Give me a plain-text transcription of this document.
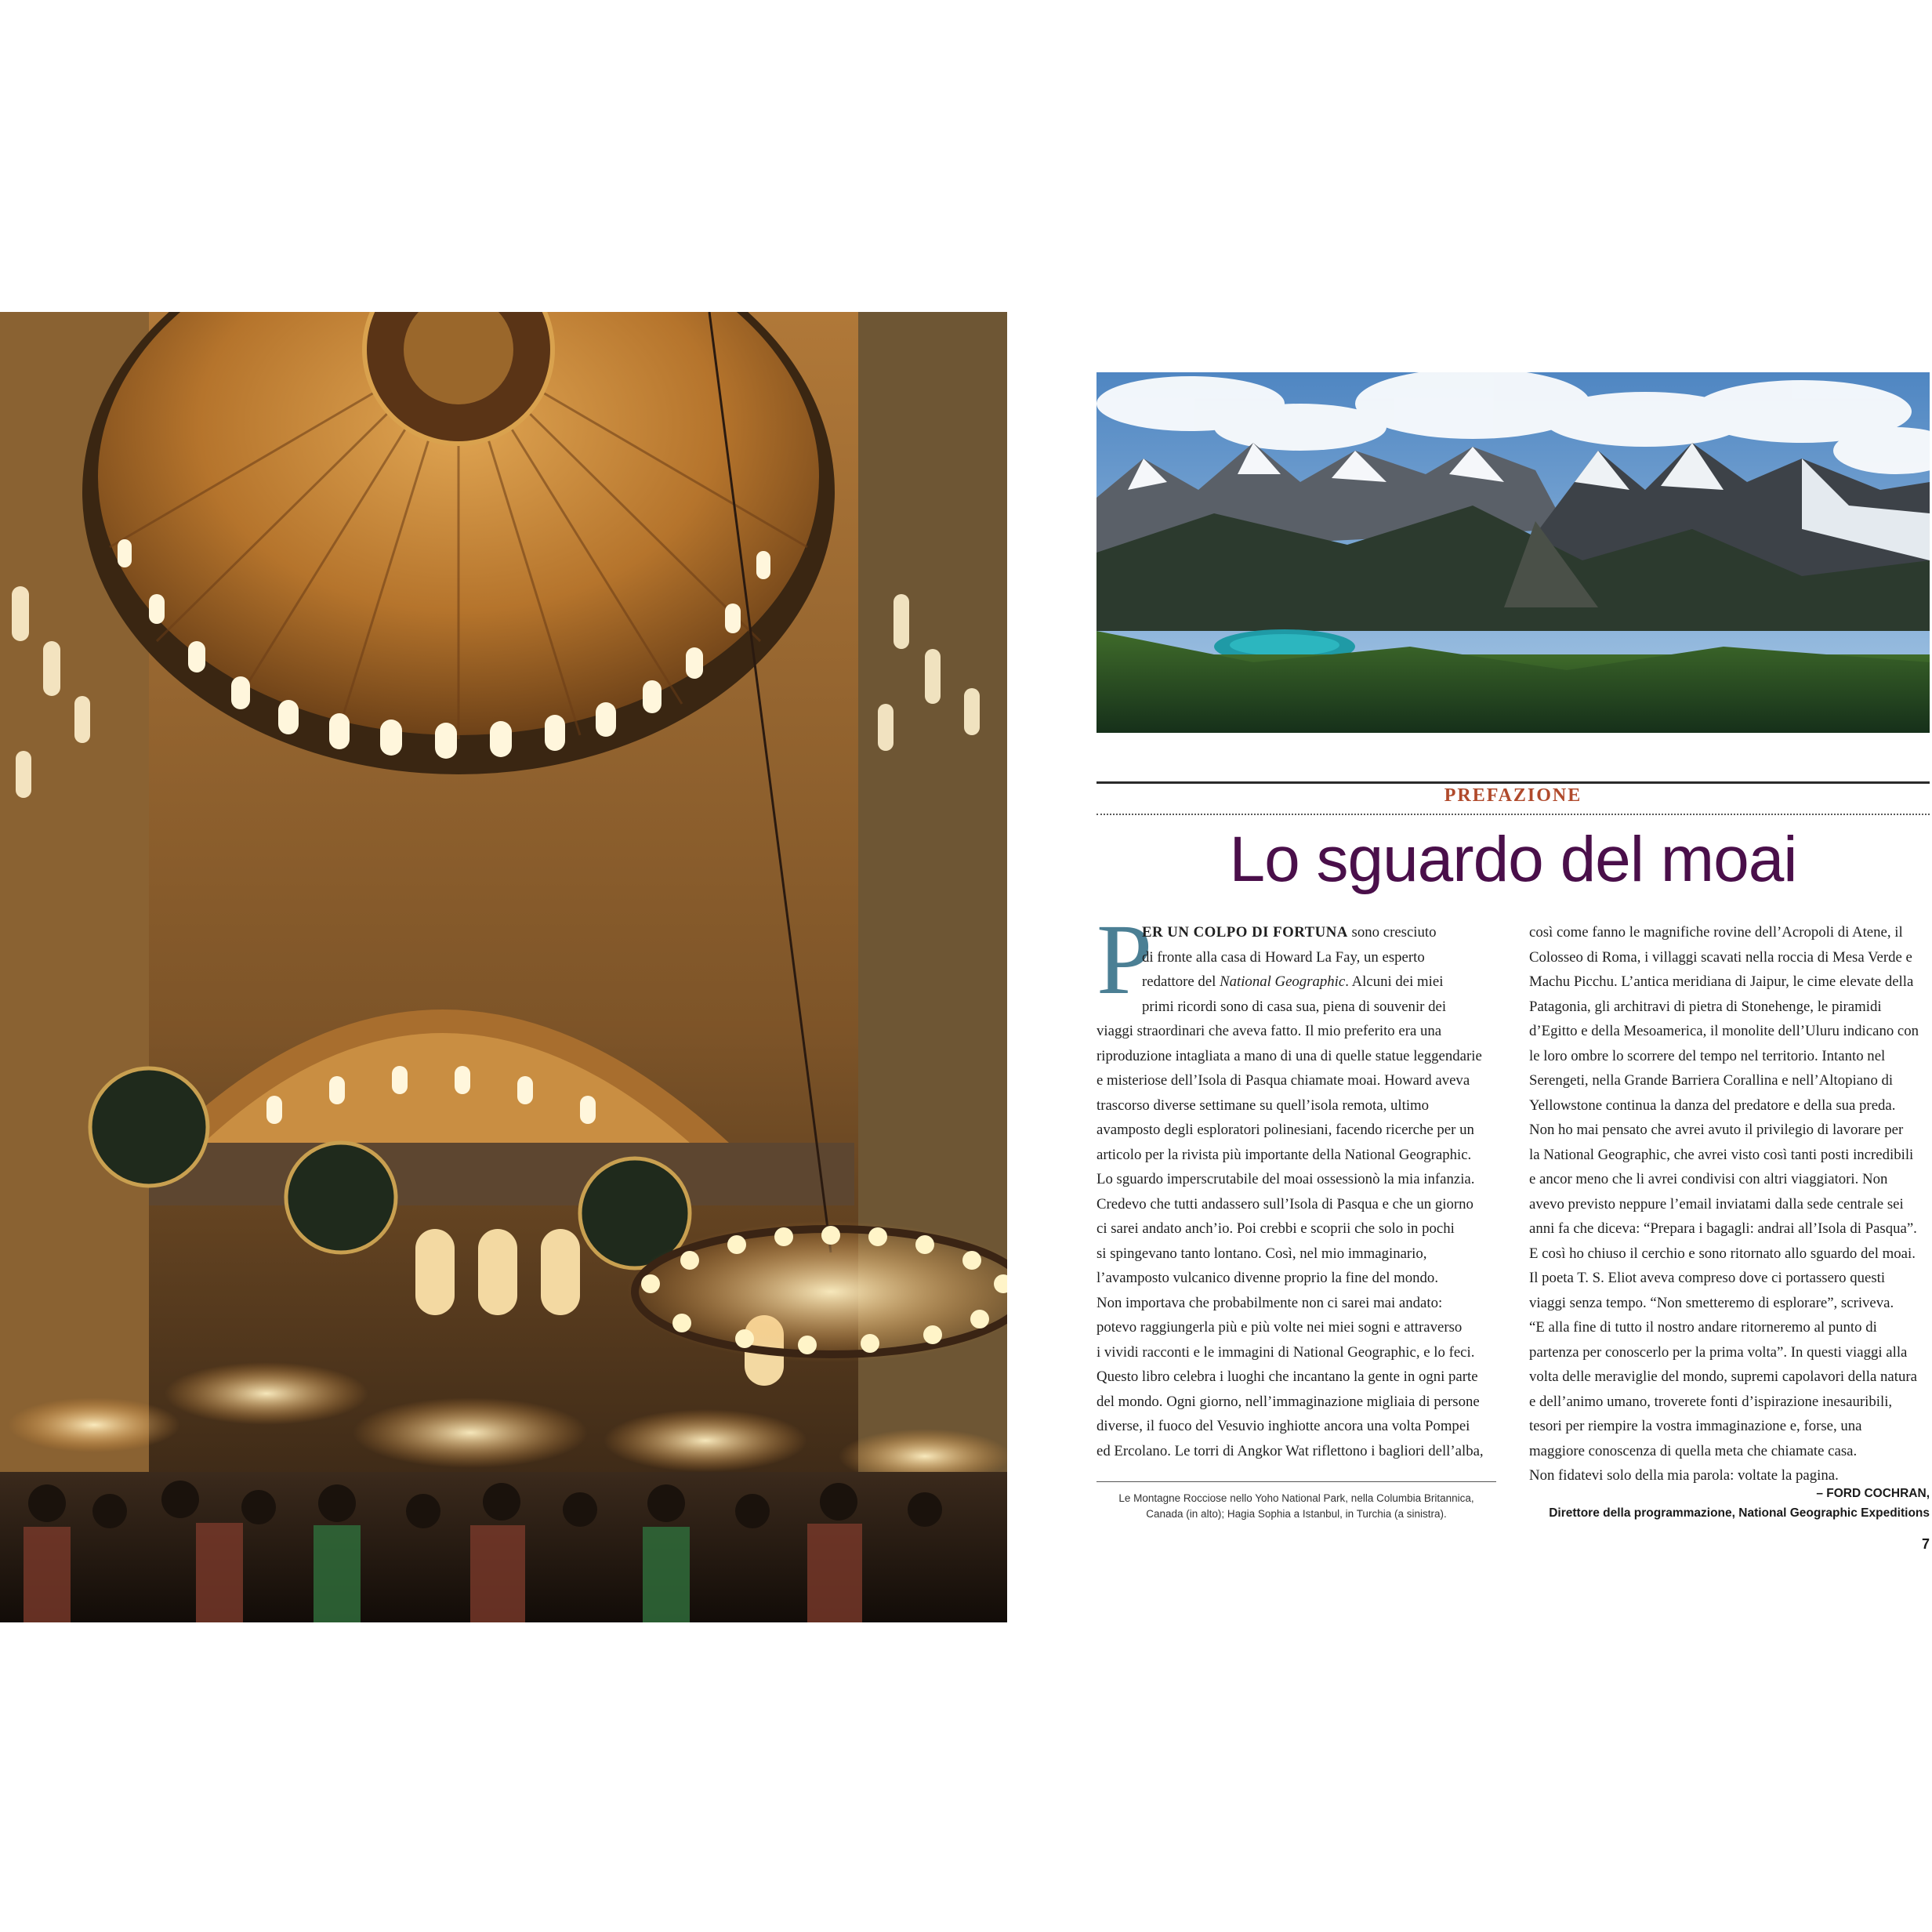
PREFAZIONE
Lo sguardo del moai
P
ER UN COLPO DI FORTUNA sono cresciuto
di fronte alla casa di Howard La Fay, un esperto
redattore del National Geographic. Alcuni dei miei
primi ricordi sono di casa sua, piena di souvenir dei
viaggi straordinari che aveva fatto. Il mio preferito era una
riproduzione intagliata a mano di una di quelle statue leggendarie
e misteriose dell’Isola di Pasqua chiamate moai. Howard aveva
trascorso diverse settimane su quell’isola remota, ultimo
avamposto degli esploratori polinesiani, facendo ricerche per un
articolo per la rivista più importante della National Geographic.
Lo sguardo imperscrutabile del moai ossessionò la mia infanzia.
Credevo che tutti andassero sull’Isola di Pasqua e che un giorno
ci sarei andato anch’io. Poi crebbi e scoprii che solo in pochi
si spingevano tanto lontano. Così, nel mio immaginario,
l’avamposto vulcanico divenne proprio la fine del mondo.
Non importava che probabilmente non ci sarei mai andato:
potevo raggiungerla più e più volte nei miei sogni e attraverso
i vividi racconti e le immagini di National Geographic, e lo feci.
Questo libro celebra i luoghi che incantano la gente in ogni parte
del mondo. Ogni giorno, nell’immaginazione migliaia di persone
diverse, il fuoco del Vesuvio inghiotte ancora una volta Pompei
ed Ercolano. Le torri di Angkor Wat riflettono i bagliori dell’alba,
così come fanno le magnifiche rovine dell’Acropoli di Atene, il
Colosseo di Roma, i villaggi scavati nella roccia di Mesa Verde e
Machu Picchu. L’antica meridiana di Jaipur, le cime elevate della
Patagonia, gli architravi di pietra di Stonehenge, le piramidi
d’Egitto e della Mesoamerica, il monolite dell’Uluru indicano con
le loro ombre lo scorrere del tempo nel territorio. Intanto nel
Serengeti, nella Grande Barriera Corallina e nell’Altopiano di
Yellowstone continua la danza del predatore e della sua preda.
Non ho mai pensato che avrei avuto il privilegio di lavorare per
la National Geographic, che avrei visto così tanti posti incredibili
e ancor meno che li avrei condivisi con altri viaggiatori. Non
avevo previsto neppure l’email inviatami dalla sede centrale sei
anni fa che diceva: “Prepara i bagagli: andrai all’Isola di Pasqua”.
E così ho chiuso il cerchio e sono ritornato allo sguardo del moai.
Il poeta T. S. Eliot aveva compreso dove ci portassero questi
viaggi senza tempo. “Non smetteremo di esplorare”, scriveva.
“E alla fine di tutto il nostro andare ritorneremo al punto di
partenza per conoscerlo per la prima volta”. In questi viaggi alla
volta delle meraviglie del mondo, supremi capolavori della natura
e dell’animo umano, troverete fonti d’ispirazione inesauribili,
tesori per riempire la vostra immaginazione e, forse, una
maggiore conoscenza di quella meta che chiamate casa.
Non fidatevi solo della mia parola: voltate la pagina.
Le Montagne Rocciose nello Yoho National Park, nella Columbia Britannica,
Canada (in alto); Hagia Sophia a Istanbul, in Turchia (a sinistra).
– FORD COCHRAN,
Direttore della programmazione, National Geographic Expeditions
7
